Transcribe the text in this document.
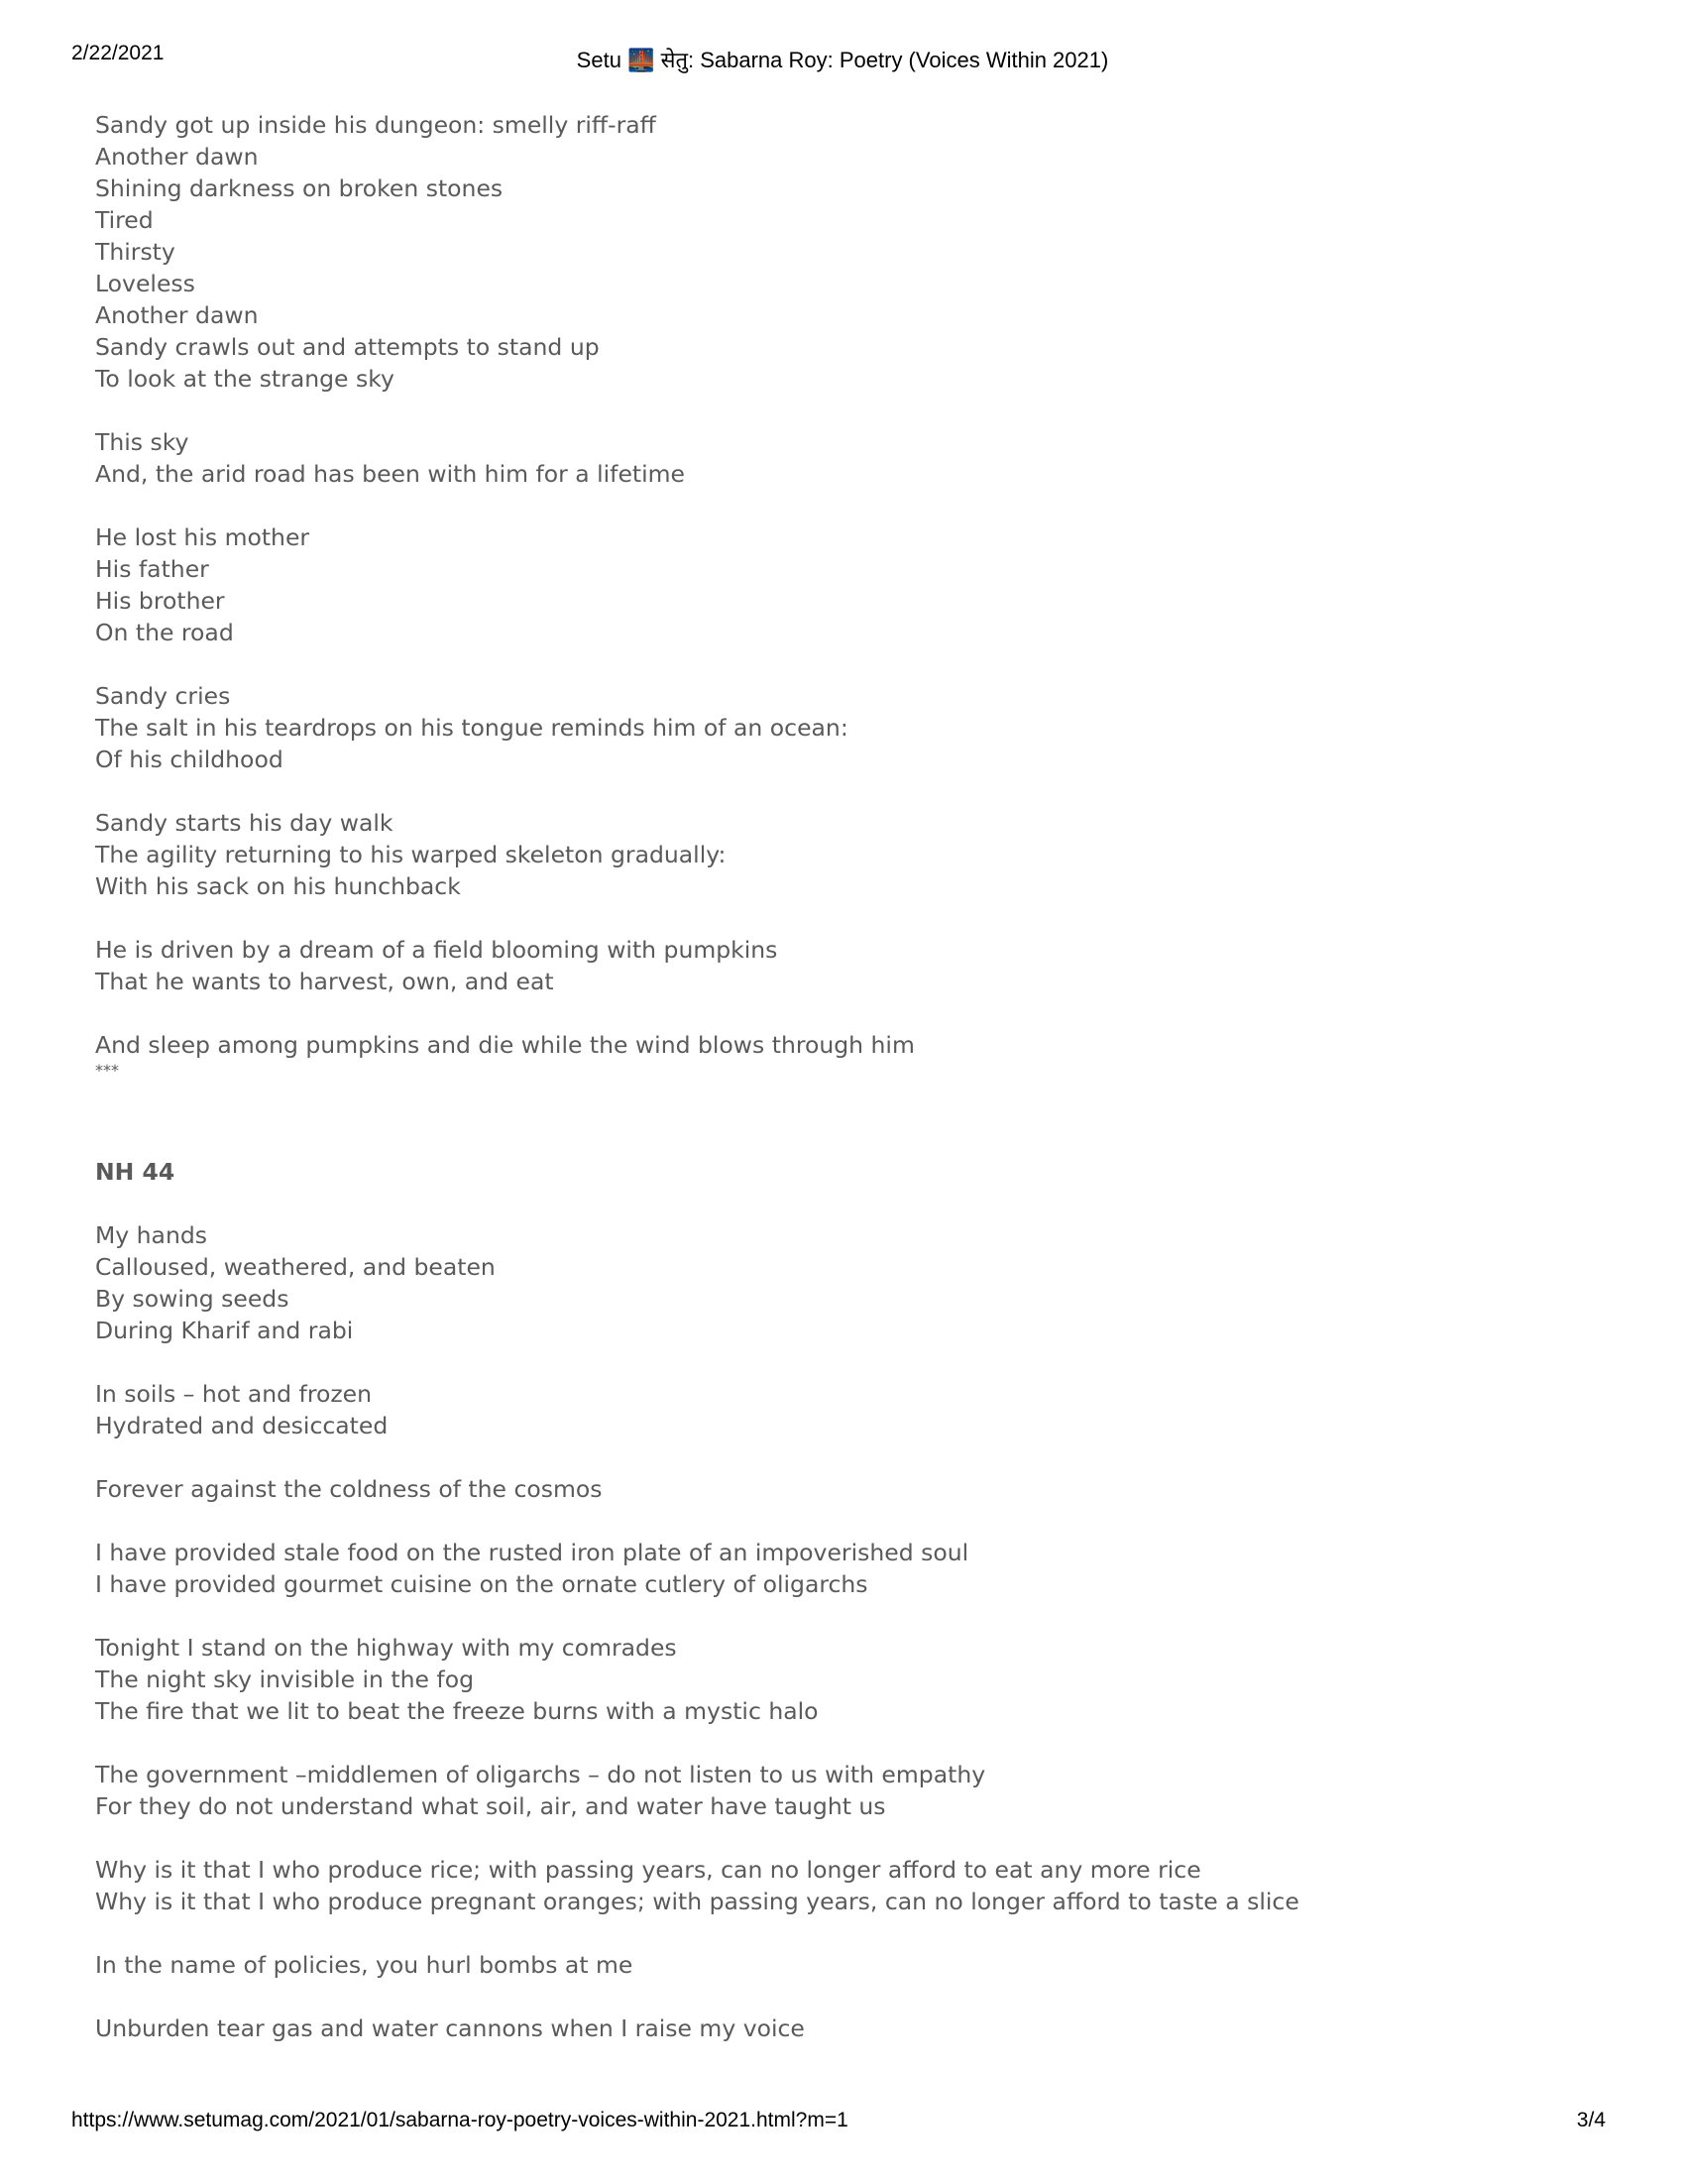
2/22/2021	Setu 🌉 सेतु: Sabarna Roy: Poetry (Voices Within 2021)
Sandy got up inside his dungeon: smelly riff-raff
Another dawn
Shining darkness on broken stones
Tired
Thirsty
Loveless
Another dawn
Sandy crawls out and attempts to stand up
To look at the strange sky
This sky
And, the arid road has been with him for a lifetime
He lost his mother
His father
His brother
On the road
Sandy cries
The salt in his teardrops on his tongue reminds him of an ocean:
Of his childhood
Sandy starts his day walk
The agility returning to his warped skeleton gradually:
With his sack on his hunchback
He is driven by a dream of a field blooming with pumpkins
That he wants to harvest, own, and eat
And sleep among pumpkins and die while the wind blows through him
***
NH 44
My hands
Calloused, weathered, and beaten
By sowing seeds
During Kharif and rabi
In soils – hot and frozen
Hydrated and desiccated
Forever against the coldness of the cosmos
I have provided stale food on the rusted iron plate of an impoverished soul
I have provided gourmet cuisine on the ornate cutlery of oligarchs
Tonight I stand on the highway with my comrades
The night sky invisible in the fog
The fire that we lit to beat the freeze burns with a mystic halo
The government –middlemen of oligarchs – do not listen to us with empathy
For they do not understand what soil, air, and water have taught us
Why is it that I who produce rice; with passing years, can no longer afford to eat any more rice
Why is it that I who produce pregnant oranges; with passing years, can no longer afford to taste a slice
In the name of policies, you hurl bombs at me
Unburden tear gas and water cannons when I raise my voice
https://www.setumag.com/2021/01/sabarna-roy-poetry-voices-within-2021.html?m=1	3/4
